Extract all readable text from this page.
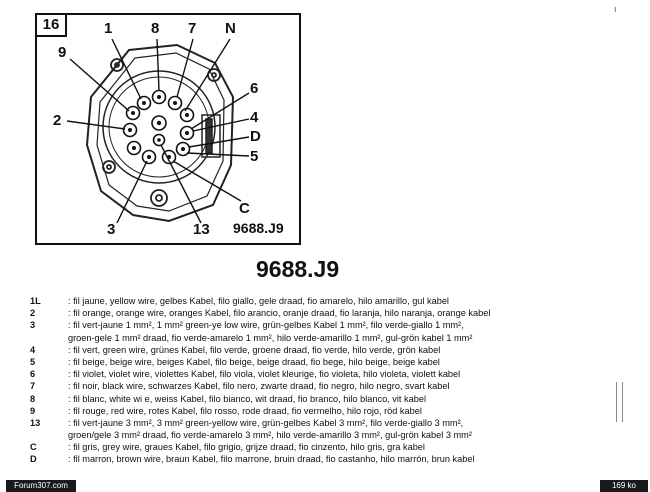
16	1	8 7 N
9
6
2	4
D
5
C
3	13 9688.J9
9688.J9
1L	: fil jaune, yellow wire, gelbes Kabel, filo giallo, gele draad, fio amarelo, hilo amarillo, gul kabel
2	: fil orange, orange wire, oranges Kabel, filo arancio, oranje draad, fio laranja, hilo naranja, orange kabel
3	: fil vert-jaune 1 mm², 1 mm² green-ye low wire, grün-gelbes Kabel 1 mm², filo verde-giallo 1 mm²,
groen-gele 1 mm² draad, fio verde-amarelo 1 mm², hilo verde-amarillo 1 mm², gul-grön kabel 1 mm²
4	: fil vert, green wire, grünes Kabel, filo verde, groene draad, fio verde, hilo verde, grön kabel
5	: fil beige, beige wire, beiges Kabel, filo beige, beige draad, fio bege, hilo beige, beige kabel
6	: fil violet, violet wire, violettes Kabel, filo viola, violet kleurige, fio violeta, hilo violeta, violett kabel
7	: fil noir, black wire, schwarzes Kabel, filo nero, zwarte draad, fio negro, hilo negro, svart kabel
8	: fil blanc, white wi e, weiss Kabel, filo bianco, wit draad, fio branco, hilo blanco, vit kabel
9	: fil rouge, red wire, rotes Kabel, filo rosso, rode draad, fio vermelho, hilo rojo, röd kabel
13	: fil vert-jaune 3 mm², 3 mm² green-yellow wire, grün-gelbes Kabel 3 mm², filo verde-giallo 3 mm²,
groen/gele 3 mm² draad, fio verde-amarelo 3 mm², hilo verde-amarillo 3 mm², gul-grön kabel 3 mm²
C	: fil gris, grey wire, graues Kabel, filo grigio, grijze draad, fio cinzento, hilo gris, gra kabel
D	: fil marron, brown wire, braun Kabel, filo marrone, bruin draad, fio castanho, hilo marrón, brun kabel
Forum307.com	169 ko
ı
